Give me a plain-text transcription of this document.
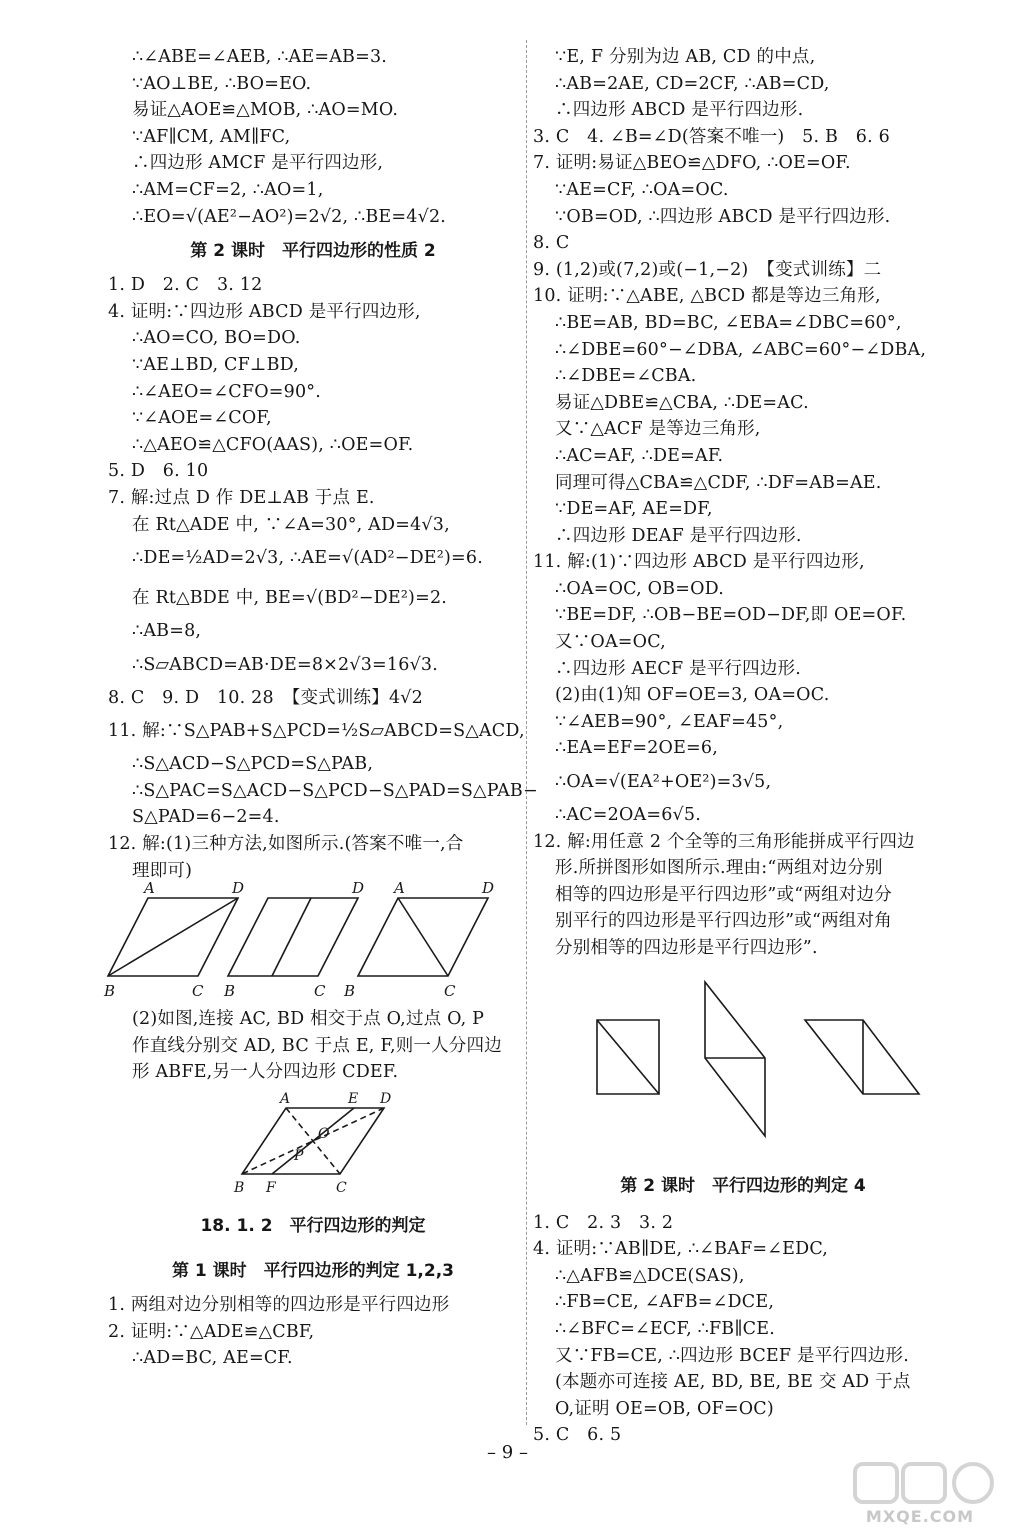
∴∠ABE=∠AEB, ∴AE=AB=3.
∵AO⊥BE, ∴BO=EO.
易证△AOE≌△MOB, ∴AO=MO.
∵AF∥CM, AM∥FC,
∴四边形 AMCF 是平行四边形,
∴AM=CF=2, ∴AO=1,
∴EO=√(AE²−AO²)=2√2, ∴BE=4√2.
第 2 课时　平行四边形的性质 2
1. D　2. C　3. 12
4. 证明:∵四边形 ABCD 是平行四边形,
∴AO=CO, BO=DO.
∵AE⊥BD, CF⊥BD,
∴∠AEO=∠CFO=90°.
∵∠AOE=∠COF,
∴△AEO≌△CFO(AAS), ∴OE=OF.
5. D　6. 10
7. 解:过点 D 作 DE⊥AB 于点 E.
在 Rt△ADE 中, ∵∠A=30°, AD=4√3,
∴DE=½AD=2√3, ∴AE=√(AD²−DE²)=6.
在 Rt△BDE 中, BE=√(BD²−DE²)=2.
∴AB=8,
∴S▱ABCD=AB·DE=8×2√3=16√3.
8. C　9. D　10. 28　【变式训练】4√2
11. 解:∵S△PAB+S△PCD=½S▱ABCD=S△ACD,
∴S△ACD−S△PCD=S△PAB,
∴S△PAC=S△ACD−S△PCD−S△PAD=S△PAB−
S△PAD=6−2=4.
12. 解:(1)三种方法,如图所示.(答案不唯一,合
理即可)
A	D
B	C B	C
D A	D
B	C
(2)如图,连接 AC, BD 相交于点 O,过点 O, P
作直线分别交 AD, BC 于点 E, F,则一人分四边
形 ABFE,另一人分四边形 CDEF.
A	E D
O
P
B F	C
18. 1. 2　平行四边形的判定
第 1 课时　平行四边形的判定 1,2,3
1. 两组对边分别相等的四边形是平行四边形
2. 证明:∵△ADE≌△CBF,
∴AD=BC, AE=CF.
∵E, F 分别为边 AB, CD 的中点,
∴AB=2AE, CD=2CF, ∴AB=CD,
∴四边形 ABCD 是平行四边形.
3. C　4. ∠B=∠D(答案不唯一)　5. B　6. 6
7. 证明:易证△BEO≌△DFO, ∴OE=OF.
∵AE=CF, ∴OA=OC.
∵OB=OD, ∴四边形 ABCD 是平行四边形.
8. C
9. (1,2)或(7,2)或(−1,−2)　【变式训练】二
10. 证明:∵△ABE, △BCD 都是等边三角形,
∴BE=AB, BD=BC, ∠EBA=∠DBC=60°,
∴∠DBE=60°−∠DBA, ∠ABC=60°−∠DBA,
∴∠DBE=∠CBA.
易证△DBE≌△CBA, ∴DE=AC.
又∵△ACF 是等边三角形,
∴AC=AF, ∴DE=AF.
同理可得△CBA≌△CDF, ∴DF=AB=AE.
∵DE=AF, AE=DF,
∴四边形 DEAF 是平行四边形.
11. 解:(1)∵四边形 ABCD 是平行四边形,
∴OA=OC, OB=OD.
∵BE=DF, ∴OB−BE=OD−DF,即 OE=OF.
又∵OA=OC,
∴四边形 AECF 是平行四边形.
(2)由(1)知 OF=OE=3, OA=OC.
∵∠AEB=90°, ∠EAF=45°,
∴EA=EF=2OE=6,
∴OA=√(EA²+OE²)=3√5,
∴AC=2OA=6√5.
12. 解:用任意 2 个全等的三角形能拼成平行四边
形.所拼图形如图所示.理由:“两组对边分别
相等的四边形是平行四边形”或“两组对边分
别平行的四边形是平行四边形”或“两组对角
分别相等的四边形是平行四边形”.
第 2 课时　平行四边形的判定 4
1. C　2. 3　3. 2
4. 证明:∵AB∥DE, ∴∠BAF=∠EDC,
∴△AFB≌△DCE(SAS),
∴FB=CE, ∠AFB=∠DCE,
∴∠BFC=∠ECF, ∴FB∥CE.
又∵FB=CE, ∴四边形 BCEF 是平行四边形.
(本题亦可连接 AE, BD, BE, BE 交 AD 于点
O,证明 OE=OB, OF=OC)
5. C　6. 5
– 9 –
MXQE.COM
